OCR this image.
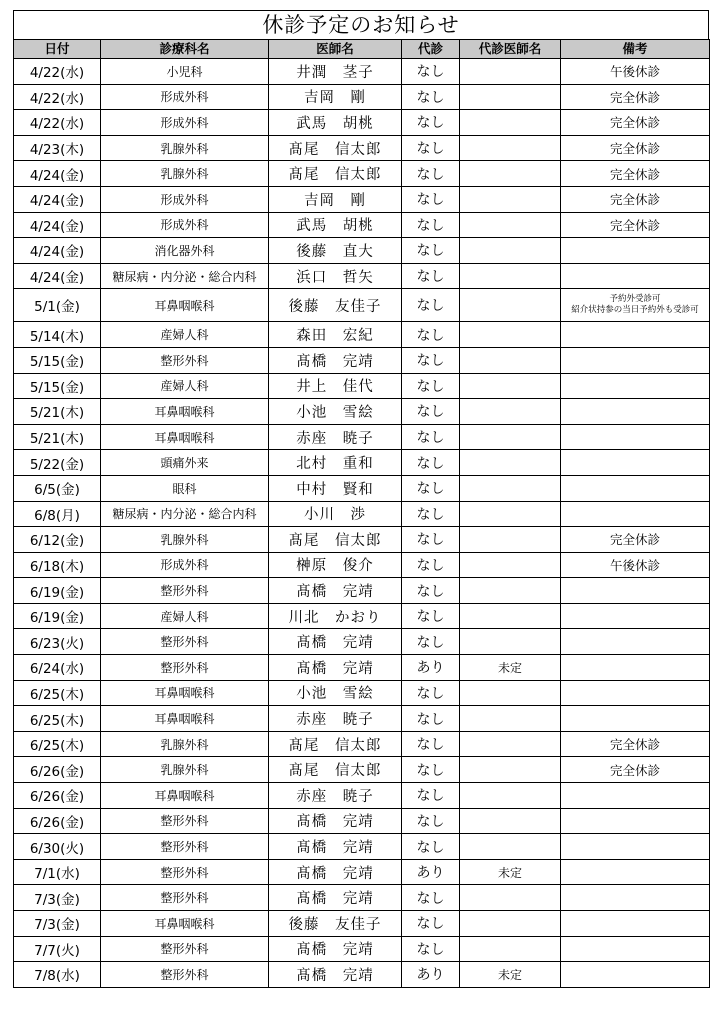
休診予定のお知らせ
日付	診療科名	医師名	代診	代診医師名	備考
4/22(水)	小児科	井潤　茎子	なし		午後休診
4/22(水)	形成外科	吉岡　剛	なし		完全休診
4/22(水)	形成外科	武馬　胡桃	なし		完全休診
4/23(木)	乳腺外科	髙尾　信太郎	なし		完全休診
4/24(金)	乳腺外科	髙尾　信太郎	なし		完全休診
4/24(金)	形成外科	吉岡　剛	なし		完全休診
4/24(金)	形成外科	武馬　胡桃	なし		完全休診
4/24(金)	消化器外科	後藤　直大	なし		
4/24(金)	糖尿病・内分泌・総合内科	浜口　哲矢	なし		
5/1(金)	耳鼻咽喉科	後藤　友佳子	なし		予約外受診可
紹介状持参の当日予約外も受診可

5/14(木)	産婦人科	森田　宏紀	なし		
5/15(金)	整形外科	髙橋　完靖	なし		
5/15(金)	産婦人科	井上　佳代	なし		
5/21(木)	耳鼻咽喉科	小池　雪絵	なし		
5/21(木)	耳鼻咽喉科	赤座　暁子	なし		
5/22(金)	頭痛外来	北村　重和	なし		
6/5(金)	眼科	中村　賢和	なし		
6/8(月)	糖尿病・内分泌・総合内科	小川　渉	なし		
6/12(金)	乳腺外科	髙尾　信太郎	なし		完全休診
6/18(木)	形成外科	榊原　俊介	なし		午後休診
6/19(金)	整形外科	髙橋　完靖	なし		
6/19(金)	産婦人科	川北　かおり	なし		
6/23(火)	整形外科	髙橋　完靖	なし		
6/24(水)	整形外科	髙橋　完靖	あり	未定	
6/25(木)	耳鼻咽喉科	小池　雪絵	なし		
6/25(木)	耳鼻咽喉科	赤座　暁子	なし		
6/25(木)	乳腺外科	髙尾　信太郎	なし		完全休診
6/26(金)	乳腺外科	髙尾　信太郎	なし		完全休診
6/26(金)	耳鼻咽喉科	赤座　暁子	なし		
6/26(金)	整形外科	髙橋　完靖	なし		
6/30(火)	整形外科	髙橋　完靖	なし		
7/1(水)	整形外科	髙橋　完靖	あり	未定	
7/3(金)	整形外科	髙橋　完靖	なし		
7/3(金)	耳鼻咽喉科	後藤　友佳子	なし		
7/7(火)	整形外科	髙橋　完靖	なし		
7/8(水)	整形外科	髙橋　完靖	あり	未定	
